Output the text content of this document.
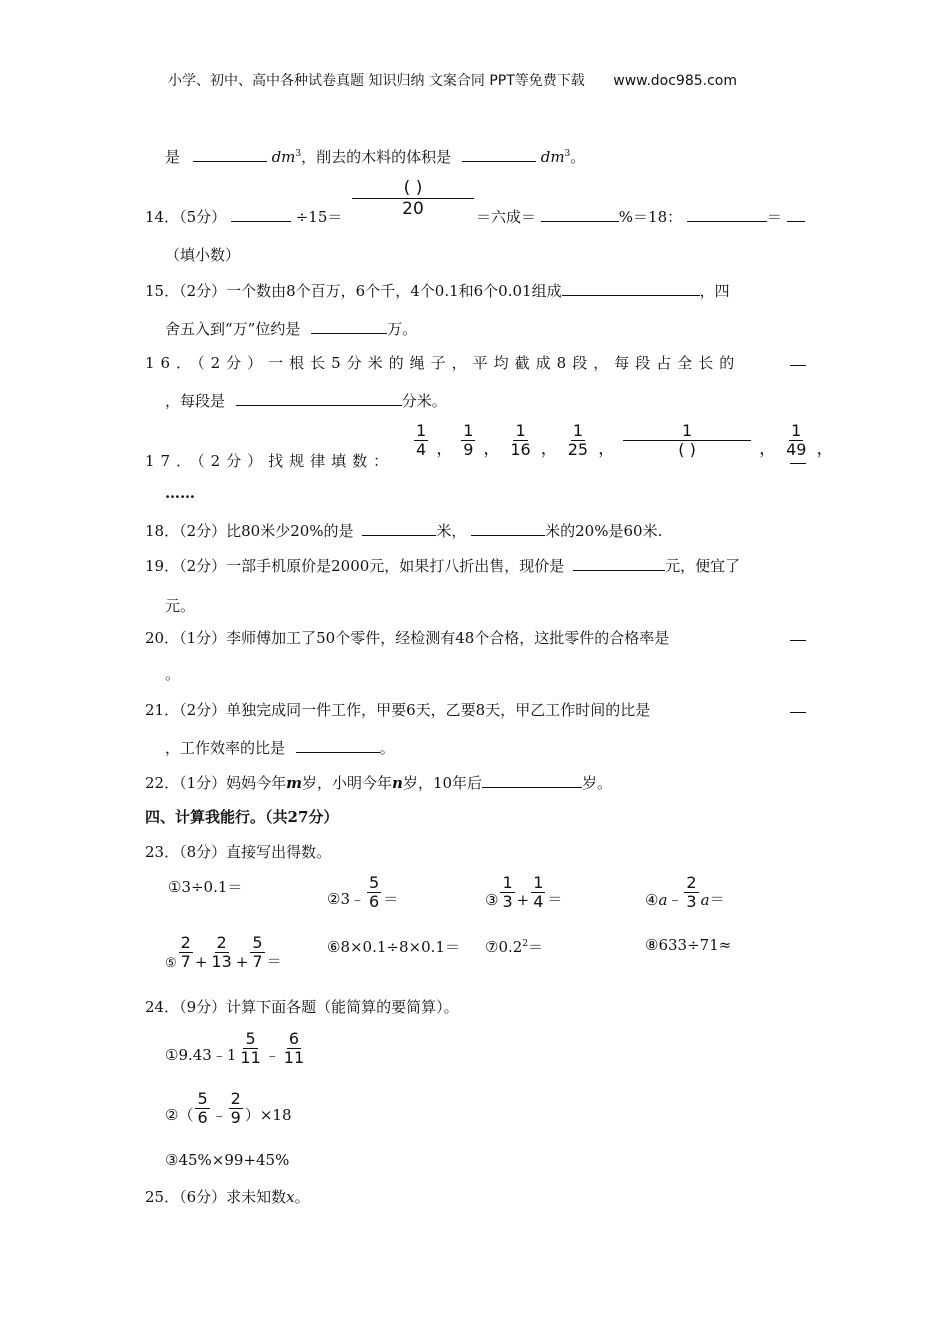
小学、初中、高中各种试卷真题 知识归纳 文案合同 PPT等免费下载 www.doc985.com
是	$dm^3$，削去的木料的体积是	$dm^3$。
14．（5分）	÷15＝
( )
20	＝六成＝	%＝18：	＝
（填小数）
15．（2分）一个数由8个百万，6个千，4个0.1和6个0.01组成	，四
舍五入到“万”位约是	万。
16．（2分）一根长5分米的绳子，平均截成8段，每段占全长的
，每段是	分米。
17．（2分）找规律填数：
$\frac{1}{4}$ ， $\frac{1}{9}$ ， $\frac{1}{16}$ ， $\frac{1}{25}$ ， $\frac{1}{( )}$ ， $\frac{1}{49}$ ，
……
18．（2分）比80米少20%的是	米，	米的20%是60米.
19．（2分）一部手机原价是2000元，如果打八折出售，现价是	元，便宜了
元。
20．（1分）李师傅加工了50个零件，经检测有48个合格，这批零件的合格率是
。
21．（2分）单独完成同一件工作，甲要6天，乙要8天，甲乙工作时间的比是
，工作效率的比是	。
22．（1分）妈妈今年m岁，小明今年n岁，10年后	岁。
四、计算我能行。（共27分）
23．（8分）直接写出得数。
①3÷0.1＝
②3﹣ $\frac{5}{6}$ ＝	③ $\frac{1}{3} + \frac{1}{4}$ ＝	④ a ﹣ $\frac{2}{3}$ a ＝
⑤ $\frac{2}{7} + \frac{2}{13} + \frac{5}{7}$ ＝
⑥8×0.1÷8×0.1＝ $⑦0.2^2=$	⑧633÷71≈
24．（9分）计算下面各题（能简算的要简算）。
①9.43﹣1 $\frac{5}{11}$ ﹣ $\frac{6}{11}$
②（ $\frac{5}{6}$ ﹣ $\frac{2}{9} )\times 18$
③45%×99+45%
25．（6分）求未知数x。
